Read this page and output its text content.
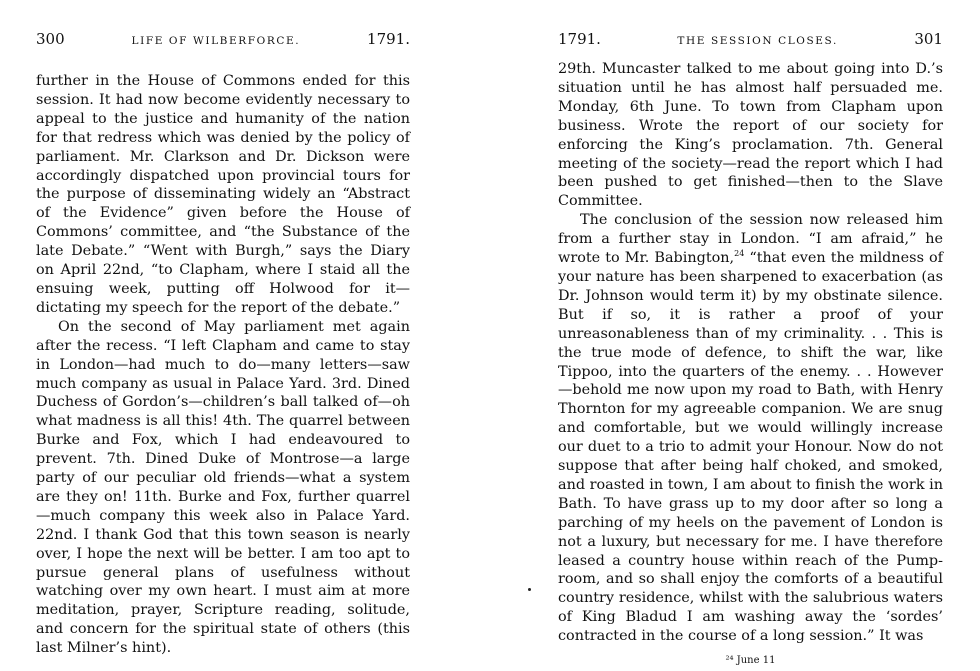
300	LIFE OF WILBERFORCE.	1791.

further in the House of Commons ended for this session. It had now become evidently necessary to appeal to the justice and humanity of the nation for that redress which was denied by the policy of parliament. Mr. Clarkson and Dr. Dickson were accordingly dispatched upon provincial tours for the purpose of disseminating widely an “Abstract of the Evidence” given before the House of Commons’ committee, and “the Substance of the late Debate.” “Went with Burgh,” says the Diary on April 22nd, “to Clapham, where I staid all the ensuing week, putting off Holwood for it—dictating my speech for the report of the debate.”

On the second of May parliament met again after the recess. “I left Clapham and came to stay in London—had much to do—many letters—saw much company as usual in Palace Yard. 3rd. Dined Duchess of Gordon’s—children’s ball talked of—oh what madness is all this! 4th. The quarrel between Burke and Fox, which I had endeavoured to prevent. 7th. Dined Duke of Montrose—a large party of our peculiar old friends—what a system are they on! 11th. Burke and Fox, further quarrel—much company this week also in Palace Yard. 22nd. I thank God that this town season is nearly over, I hope the next will be better. I am too apt to pursue general plans of usefulness without watching over my own heart. I must aim at more meditation, prayer, Scripture reading, solitude, and concern for the spiritual state of others (this last Milner’s hint).

1791.	THE SESSION CLOSES.	301

29th. Muncaster talked to me about going into D.’s situation until he has almost half persuaded me. Monday, 6th June. To town from Clapham upon business. Wrote the report of our society for enforcing the King’s proclamation. 7th. General meeting of the society—read the report which I had been pushed to get finished—then to the Slave Committee.

The conclusion of the session now released him from a further stay in London. “I am afraid,” he wrote to Mr. Babington,$^{24}$ “that even the mildness of your nature has been sharpened to exacerbation (as Dr. Johnson would term it) by my obstinate silence. But if so, it is rather a proof of your unreasonableness than of my criminality. . . This is the true mode of defence, to shift the war, like Tippoo, into the quarters of the enemy. . . However—behold me now upon my road to Bath, with Henry Thornton for my agreeable companion. We are snug and comfortable, but we would willingly increase our duet to a trio to admit your Honour. Now do not suppose that after being half choked, and smoked, and roasted in town, I am about to finish the work in Bath. To have grass up to my door after so long a parching of my heels on the pavement of London is not a luxury, but necessary for me. I have therefore leased a country house within reach of the Pump-room, and so shall enjoy the comforts of a beautiful country residence, whilst with the salubrious waters of King Bladud I am washing away the ‘sordes’ contracted in the course of a long session.” It was

²⁴ June 11
